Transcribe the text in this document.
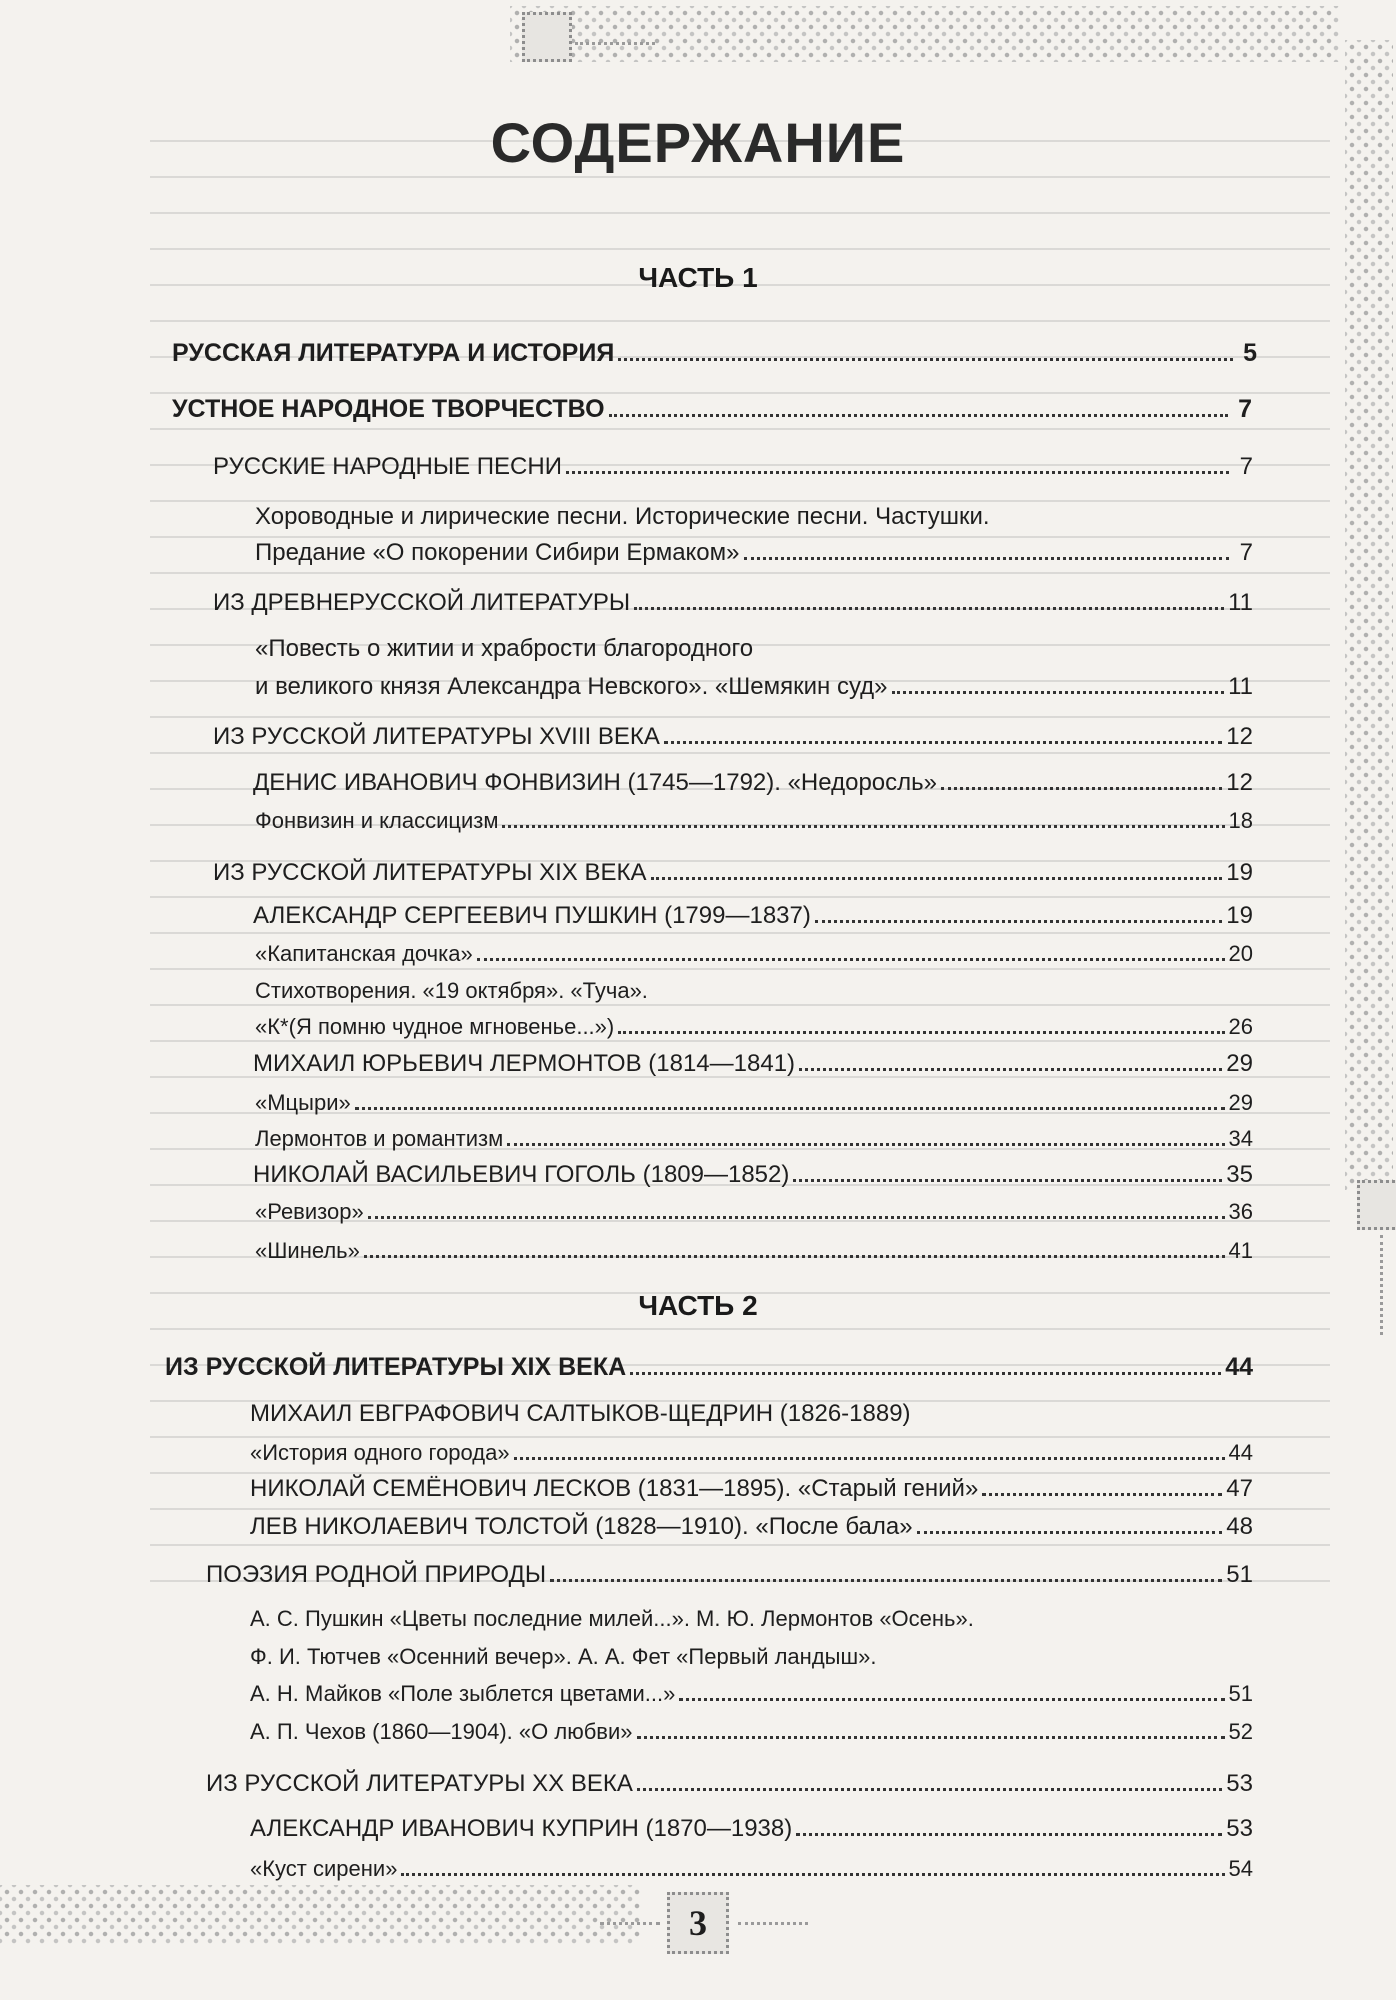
СОДЕРЖАНИЕ
ЧАСТЬ 1
РУССКАЯ ЛИТЕРАТУРА И ИСТОРИЯ	5
УСТНОЕ НАРОДНОЕ ТВОРЧЕСТВО	7
РУССКИЕ НАРОДНЫЕ ПЕСНИ	7
Хороводные и лирические песни. Исторические песни. Частушки.
Предание «О покорении Сибири Ермаком»	7
ИЗ ДРЕВНЕРУССКОЙ ЛИТЕРАТУРЫ	11
«Повесть о житии и храбрости благородного
и великого князя Александра Невского». «Шемякин суд»	11
ИЗ РУССКОЙ ЛИТЕРАТУРЫ XVIII ВЕКА	12
ДЕНИС ИВАНОВИЧ ФОНВИЗИН (1745—1792). «Недоросль»	12
Фонвизин и классицизм	18
ИЗ РУССКОЙ ЛИТЕРАТУРЫ XIX ВЕКА	19
АЛЕКСАНДР СЕРГЕЕВИЧ ПУШКИН (1799—1837)	19
«Капитанская дочка»	20
Стихотворения. «19 октября». «Туча».
«К*(Я помню чудное мгновенье...»)	26
МИХАИЛ ЮРЬЕВИЧ ЛЕРМОНТОВ (1814—1841)	29
«Мцыри»	29
Лермонтов и романтизм	34
НИКОЛАЙ ВАСИЛЬЕВИЧ ГОГОЛЬ (1809—1852)	35
«Ревизор»	36
«Шинель»	41
ЧАСТЬ 2
ИЗ РУССКОЙ ЛИТЕРАТУРЫ XIX ВЕКА	44
МИХАИЛ ЕВГРАФОВИЧ САЛТЫКОВ-ЩЕДРИН (1826-1889)
«История одного города»	44
НИКОЛАЙ СЕМЁНОВИЧ ЛЕСКОВ (1831—1895). «Старый гений»	47
ЛЕВ НИКОЛАЕВИЧ ТОЛСТОЙ (1828—1910). «После бала»	48
ПОЭЗИЯ РОДНОЙ ПРИРОДЫ	51
А. С. Пушкин «Цветы последние милей...». М. Ю. Лермонтов «Осень».
Ф. И. Тютчев «Осенний вечер». А. А. Фет «Первый ландыш».
А. Н. Майков «Поле зыблется цветами...»	51
А. П. Чехов (1860—1904). «О любви»	52
ИЗ РУССКОЙ ЛИТЕРАТУРЫ XX ВЕКА	53
АЛЕКСАНДР ИВАНОВИЧ КУПРИН (1870—1938)	53
«Куст сирени»	54
3
